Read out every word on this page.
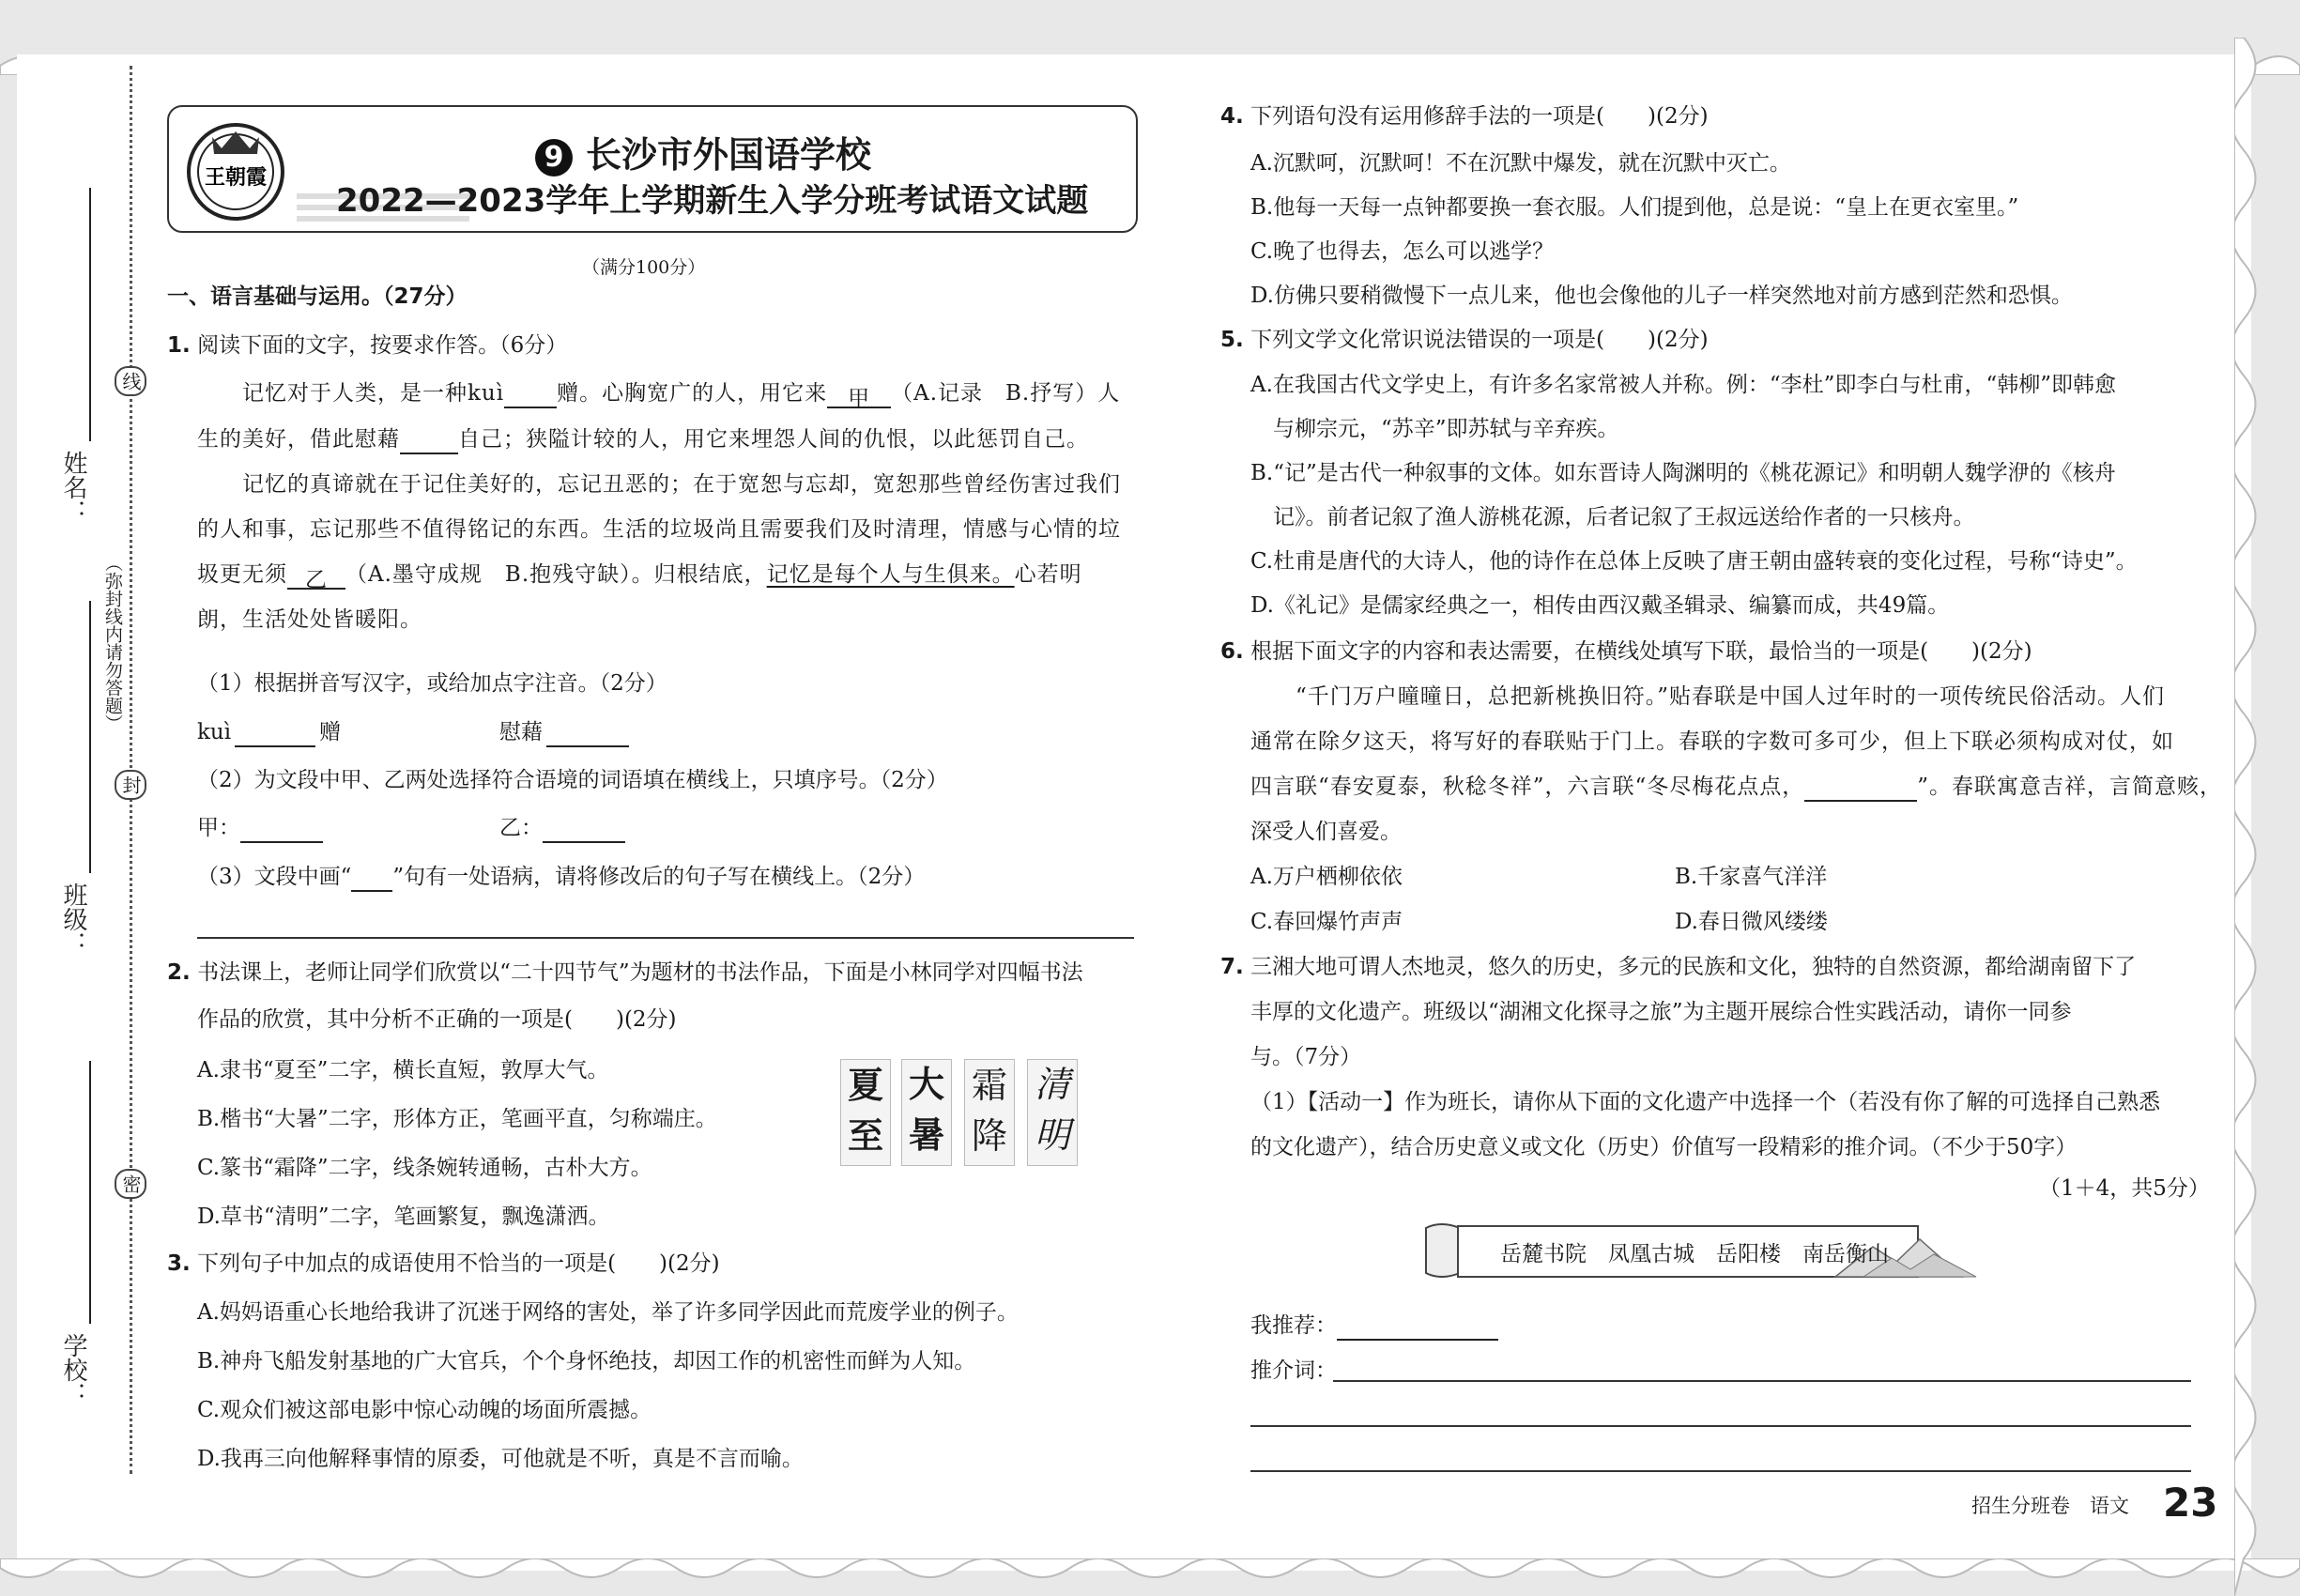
姓名：
班级：
学校：
线
封
密
（弥封线内请勿答题）
王朝霞
9 长沙市外国语学校
2022—2023学年上学期新生入学分班考试语文试题
（满分100分）
一、语言基础与运用。（27分）
1. 阅读下面的文字，按要求作答。（6分）
记忆对于人类，是一种kuì 赠。心胸宽广的人，用它来 甲 （A.记录　B.抒写）人
生的美好，借此慰藉	自己；狭隘计较的人，用它来埋怨人间的仇恨，以此惩罚自己。
记忆的真谛就在于记住美好的，忘记丑恶的；在于宽恕与忘却，宽恕那些曾经伤害过我们
的人和事，忘记那些不值得铭记的东西。生活的垃圾尚且需要我们及时清理，情感与心情的垃
圾更无须 乙 （A.墨守成规　B.抱残守缺）。归根结底，记忆是每个人与生俱来。心若明
朗，生活处处皆暖阳。
（1）根据拼音写汉字，或给加点字注音。（2分）
kuì	赠	慰藉
（2）为文段中甲、乙两处选择符合语境的词语填在横线上，只填序号。（2分）
甲：	乙：
（3）文段中画“ ”句有一处语病，请将修改后的句子写在横线上。（2分）
2. 书法课上，老师让同学们欣赏以“二十四节气”为题材的书法作品，下面是小林同学对四幅书法
作品的欣赏，其中分析不正确的一项是(　　)(2分)
A.隶书“夏至”二字，横长直短，敦厚大气。
B.楷书“大暑”二字，形体方正，笔画平直，匀称端庄。
C.篆书“霜降”二字，线条婉转通畅，古朴大方。
D.草书“清明”二字，笔画繁复，飘逸潇洒。
夏
至
大
暑
霜
降
清
明
3. 下列句子中加点的成语使用不恰当的一项是(　　)(2分)
A.妈妈语重心长地给我讲了沉迷于网络的害处，举了许多同学因此而荒废学业的例子。
B.神舟飞船发射基地的广大官兵，个个身怀绝技，却因工作的机密性而鲜为人知。
C.观众们被这部电影中惊心动魄的场面所震撼。
D.我再三向他解释事情的原委，可他就是不听，真是不言而喻。
4. 下列语句没有运用修辞手法的一项是(　　)(2分)
A.沉默呵，沉默呵！不在沉默中爆发，就在沉默中灭亡。
B.他每一天每一点钟都要换一套衣服。人们提到他，总是说：“皇上在更衣室里。”
C.晚了也得去，怎么可以逃学？
D.仿佛只要稍微慢下一点儿来，他也会像他的儿子一样突然地对前方感到茫然和恐惧。
5. 下列文学文化常识说法错误的一项是(　　)(2分)
A.在我国古代文学史上，有许多名家常被人并称。例：“李杜”即李白与杜甫，“韩柳”即韩愈
与柳宗元，“苏辛”即苏轼与辛弃疾。
B.“记”是古代一种叙事的文体。如东晋诗人陶渊明的《桃花源记》和明朝人魏学洢的《核舟
记》。前者记叙了渔人游桃花源，后者记叙了王叔远送给作者的一只核舟。
C.杜甫是唐代的大诗人，他的诗作在总体上反映了唐王朝由盛转衰的变化过程，号称“诗史”。
D.《礼记》是儒家经典之一，相传由西汉戴圣辑录、编纂而成，共49篇。
6. 根据下面文字的内容和表达需要，在横线处填写下联，最恰当的一项是(　　)(2分)
“千门万户曈曈日，总把新桃换旧符。”贴春联是中国人过年时的一项传统民俗活动。人们
通常在除夕这天，将写好的春联贴于门上。春联的字数可多可少，但上下联必须构成对仗，如
四言联“春安夏泰，秋稔冬祥”，六言联“冬尽梅花点点，	”。春联寓意吉祥，言简意赅，
深受人们喜爱。
A.万户栖柳依依	B.千家喜气洋洋
C.春回爆竹声声	D.春日微风缕缕
7. 三湘大地可谓人杰地灵，悠久的历史，多元的民族和文化，独特的自然资源，都给湖南留下了
丰厚的文化遗产。班级以“湖湘文化探寻之旅”为主题开展综合性实践活动，请你一同参
与。（7分）
（1）【活动一】作为班长，请你从下面的文化遗产中选择一个（若没有你了解的可选择自己熟悉
的文化遗产），结合历史意义或文化（历史）价值写一段精彩的推介词。（不少于50字）
（1＋4，共5分）
岳麓书院　凤凰古城　岳阳楼　南岳衡山
我推荐：
推介词：
招生分班卷　语文 23
